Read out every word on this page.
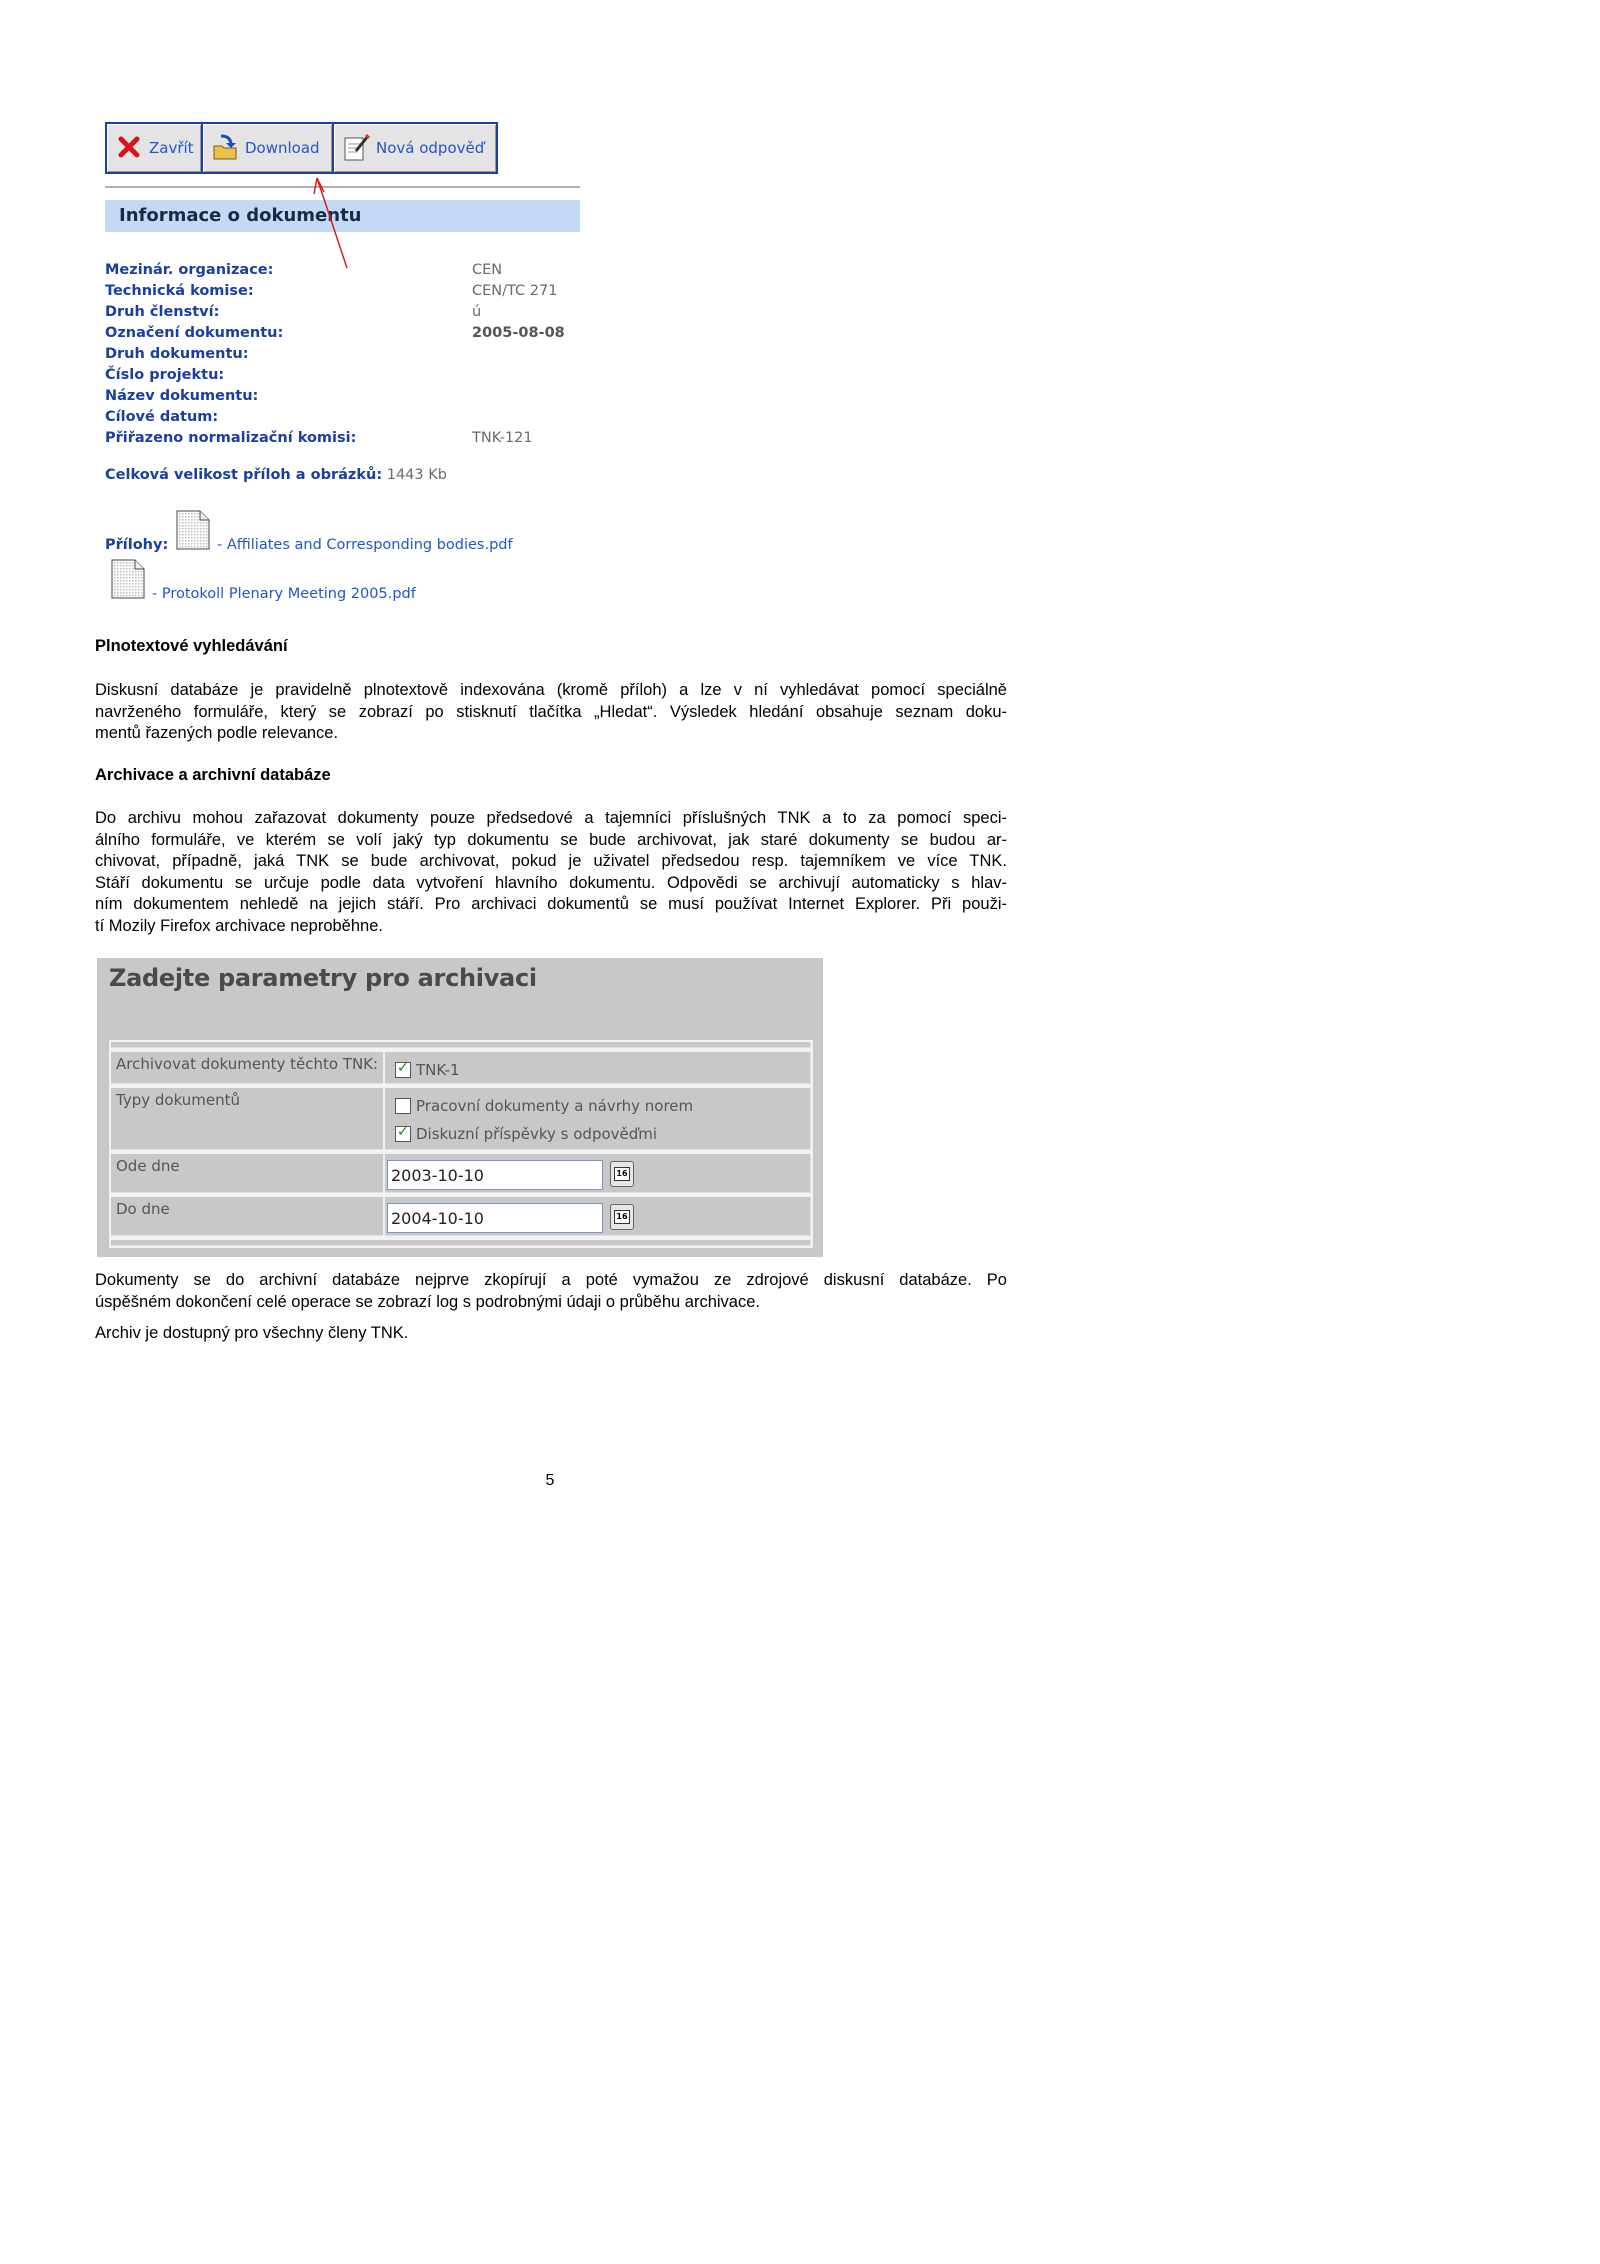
Zavřít	Download	Nová odpověď
Informace o dokumentu
Mezinár. organizace:	CEN
Technická komise:	CEN/TC 271
Druh členství:	ú
Označení dokumentu:	2005-08-08
Druh dokumentu:
Číslo projektu:
Název dokumentu:
Cílové datum:
Přiřazeno normalizační komisi:	TNK-121
Celková velikost příloh a obrázků: 1443 Kb
Přílohy:	- Affiliates and Corresponding bodies.pdf
- Protokoll Plenary Meeting 2005.pdf
Plnotextové vyhledávání
Diskusní databáze je pravidelně plnotextově indexována (kromě příloh) a lze v ní vyhledávat pomocí speciálně
navrženého formuláře, který se zobrazí po stisknutí tlačítka „Hledat“. Výsledek hledání obsahuje seznam doku-
mentů řazených podle relevance.
Archivace a archivní databáze
Do archivu mohou zařazovat dokumenty pouze předsedové a tajemníci příslušných TNK a to za pomocí speci-
álního formuláře, ve kterém se volí jaký typ dokumentu se bude archivovat, jak staré dokumenty se budou ar-
chivovat, případně, jaká TNK se bude archivovat, pokud je uživatel předsedou resp. tajemníkem ve více TNK.
Stáří dokumentu se určuje podle data vytvoření hlavního dokumentu. Odpovědi se archivují automaticky s hlav-
ním dokumentem nehledě na jejich stáří. Pro archivaci dokumentů se musí používat Internet Explorer. Při použi-
tí Mozily Firefox archivace neproběhne.
Zadejte parametry pro archivaci
Archivovat dokumenty těchto TNK:
✓	TNK-1
Typy dokumentů	Pracovní dokumenty a návrhy norem
✓
Diskuzní příspěvky s odpověďmi
Ode dne	2003-10-10	16
Do dne	2004-10-10	16
Dokumenty se do archivní databáze nejprve zkopírují a poté vymažou ze zdrojové diskusní databáze. Po
úspěšném dokončení celé operace se zobrazí log s podrobnými údaji o průběhu archivace.
Archiv je dostupný pro všechny členy TNK.
5
